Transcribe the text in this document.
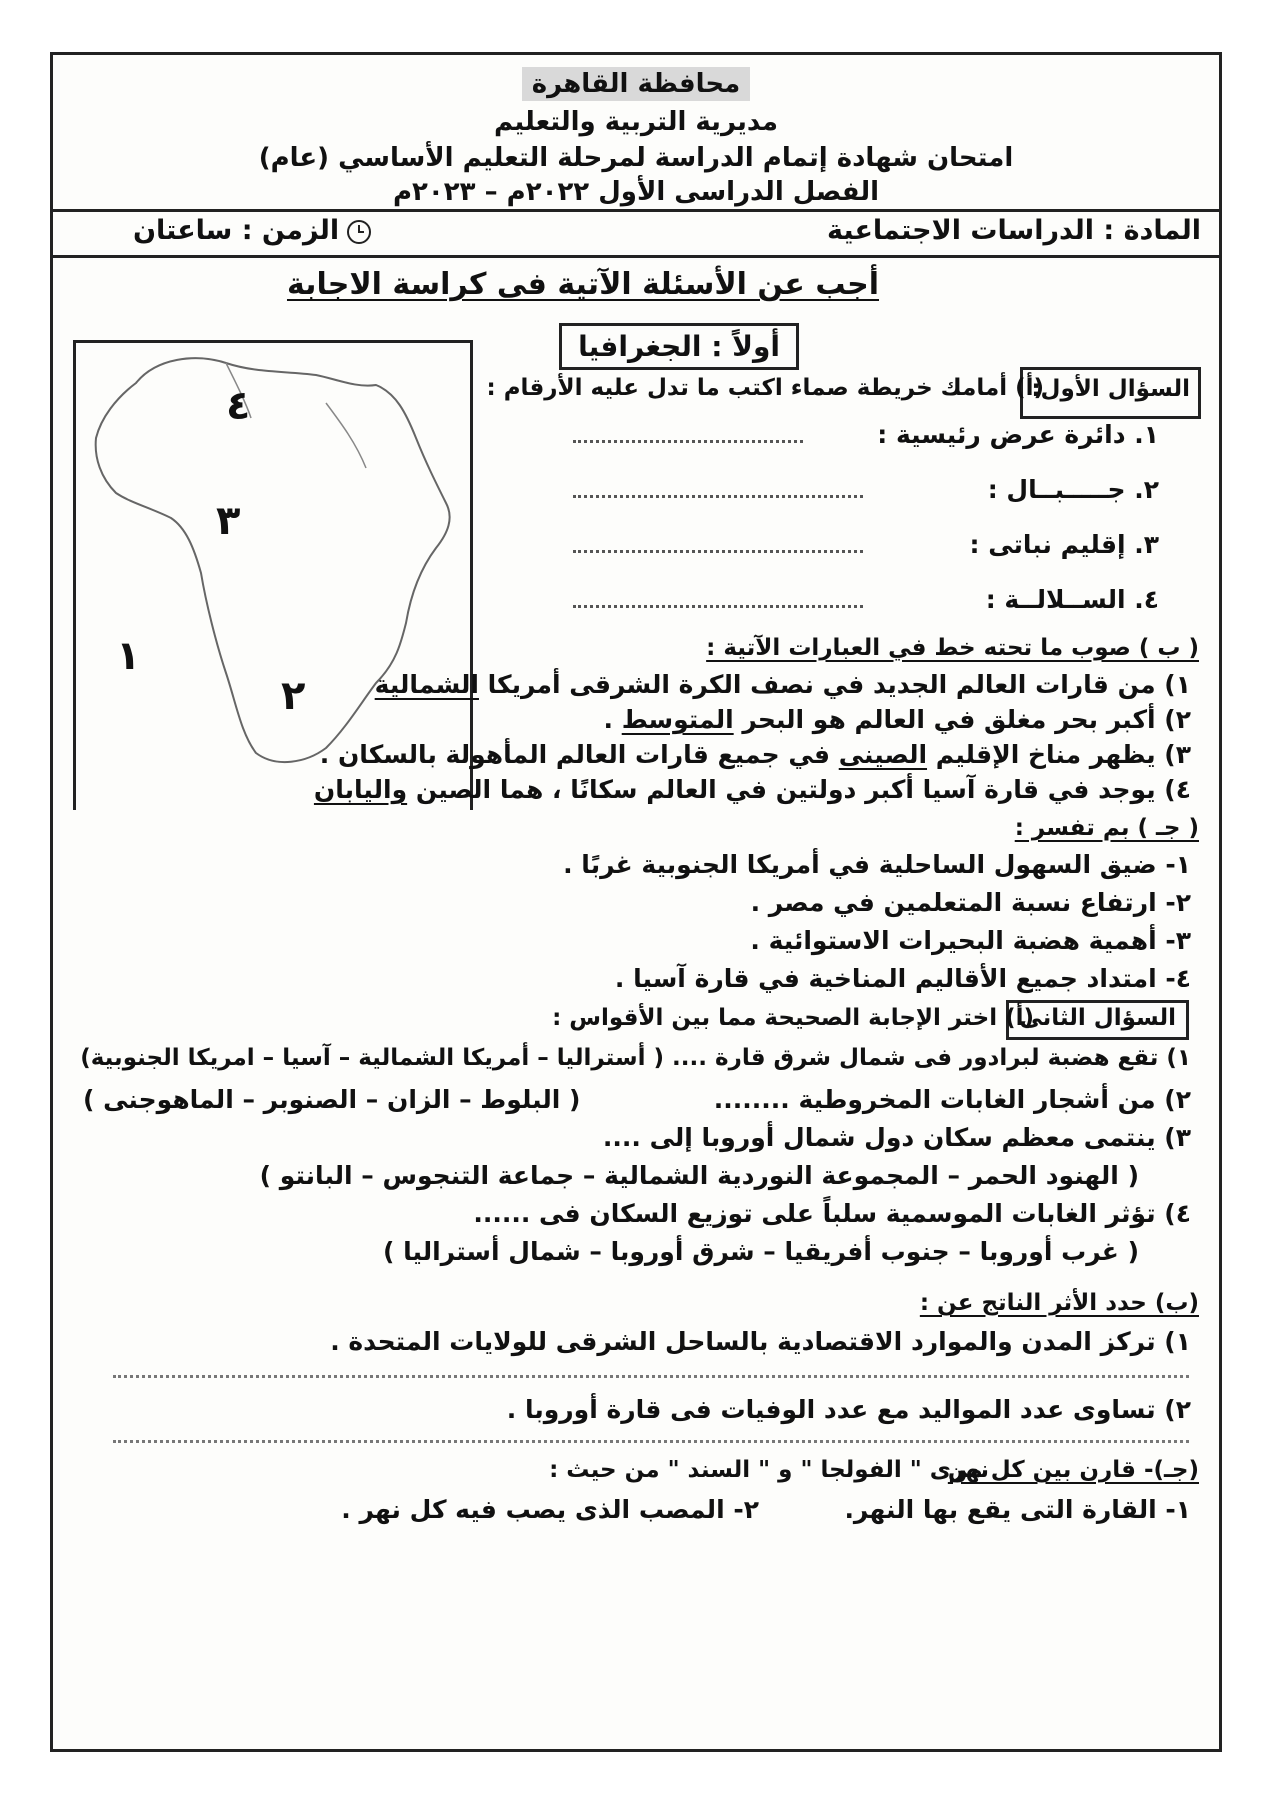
محافظة القاهرة
مديرية التربية والتعليم
امتحان شهادة إتمام الدراسة لمرحلة التعليم الأساسي (عام)
الفصل الدراسى الأول ٢٠٢٢م – ٢٠٢٣م
المادة : الدراسات الاجتماعية
الزمن : ساعتان
أجب عن الأسئلة الآتية فى كراسة الاجابة
٤
٣
١
٢
أولاً : الجغرافيا
السؤال الأول:
(أ) أمامك خريطة صماء اكتب ما تدل عليه الأرقام :
١. دائرة عرض رئيسية :
٢. جـــــبــال :
٣. إقليم نباتى :
٤. الســلالــة :
( ب ) صوب ما تحته خط في العبارات الآتية :
١) من قارات العالم الجديد في نصف الكرة الشرقى أمريكا الشمالية
٢) أكبر بحر مغلق في العالم هو البحر المتوسط .
٣) يظهر مناخ الإقليم الصينى في جميع قارات العالم المأهولة بالسكان .
٤) يوجد في قارة آسيا أكبر دولتين في العالم سكانًا ، هما الصين واليابان
( جـ ) بم تفسر :
١- ضيق السهول الساحلية في أمريكا الجنوبية غربًا .
٢- ارتفاع نسبة المتعلمين في مصر .
٣- أهمية هضبة البحيرات الاستوائية .
٤- امتداد جميع الأقاليم المناخية في قارة آسيا .
السؤال الثانى
(أ) اختر الإجابة الصحيحة مما بين الأقواس :
١) تقع هضبة لبرادور فى شمال شرق قارة .... ( أستراليا – أمريكا الشمالية – آسيا – امريكا الجنوبية)
٢) من أشجار الغابات المخروطية ........
( البلوط – الزان – الصنوبر – الماهوجنى )
٣) ينتمى معظم سكان دول شمال أوروبا إلى ....
( الهنود الحمر – المجموعة النوردية الشمالية – جماعة التنجوس – البانتو )
٤) تؤثر الغابات الموسمية سلباً على توزيع السكان فى ......
( غرب أوروبا – جنوب أفريقيا – شرق أوروبا – شمال أستراليا )
(ب) حدد الأثر الناتج عن :
١) تركز المدن والموارد الاقتصادية بالساحل الشرقى للولايات المتحدة .
٢) تساوى عدد المواليد مع عدد الوفيات فى قارة أوروبا .
(جـ)- قارن بين كل من
نهرى " الفولجا " و " السند " من حيث :
١- القارة التى يقع بها النهر.
٢- المصب الذى يصب فيه كل نهر .
